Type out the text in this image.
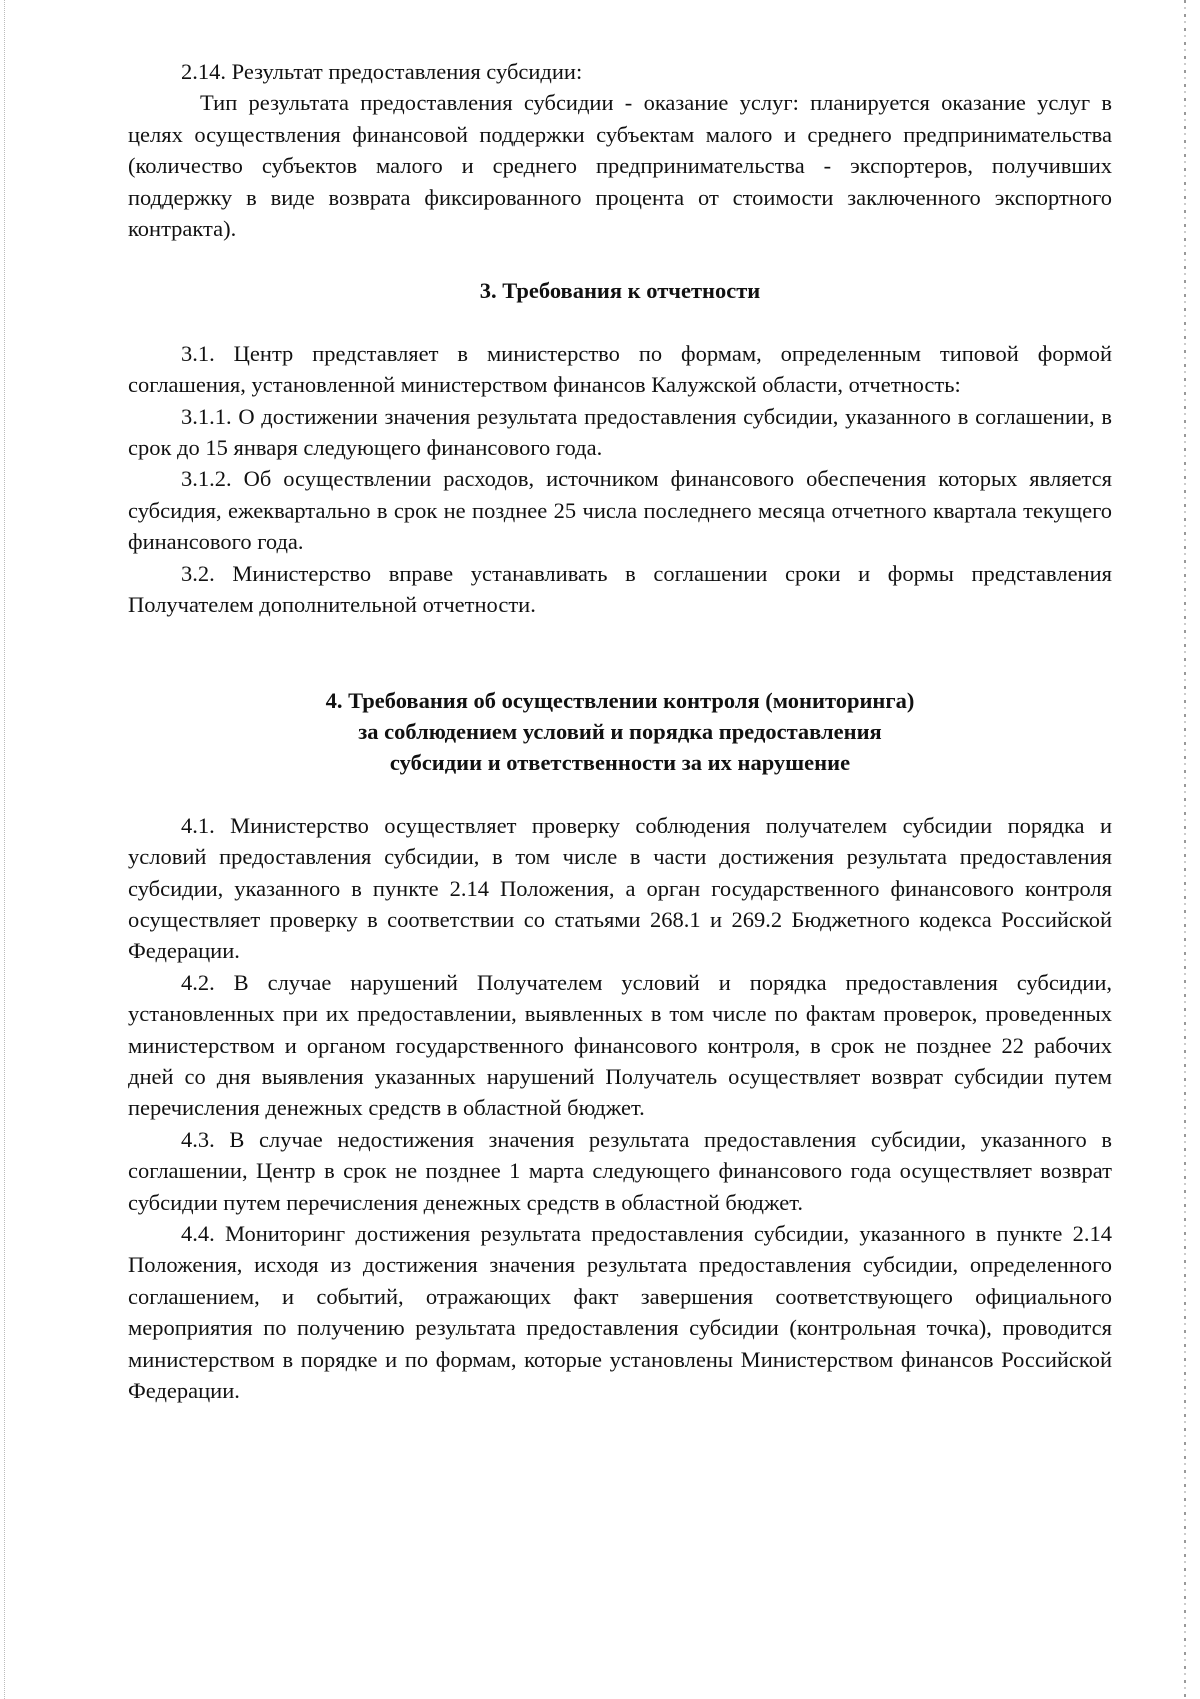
2.14. Результат предоставления субсидии:

Тип результата предоставления субсидии - оказание услуг: планируется оказание услуг в целях осуществления финансовой поддержки субъектам малого и среднего предпринимательства (количество субъектов малого и среднего предпринимательства - экспортеров, получивших поддержку в виде возврата фиксированного процента от стоимости заключенного экспортного контракта).

3. Требования к отчетности

3.1. Центр представляет в министерство по формам, определенным типовой формой соглашения, установленной министерством финансов Калужской области, отчетность:

3.1.1. О достижении значения результата предоставления субсидии, указанного в соглашении, в срок до 15 января следующего финансового года.

3.1.2. Об осуществлении расходов, источником финансового обеспечения которых является субсидия, ежеквартально в срок не позднее 25 числа последнего месяца отчетного квартала текущего финансового года.

3.2. Министерство вправе устанавливать в соглашении сроки и формы представления Получателем дополнительной отчетности.

4. Требования об осуществлении контроля (мониторинга)
за соблюдением условий и порядка предоставления
субсидии и ответственности за их нарушение

4.1. Министерство осуществляет проверку соблюдения получателем субсидии порядка и условий предоставления субсидии, в том числе в части достижения результата предоставления субсидии, указанного в пункте 2.14 Положения, а орган государственного финансового контроля осуществляет проверку в соответствии со статьями 268.1 и 269.2 Бюджетного кодекса Российской Федерации.

4.2. В случае нарушений Получателем условий и порядка предоставления субсидии, установленных при их предоставлении, выявленных в том числе по фактам проверок, проведенных министерством и органом государственного финансового контроля, в срок не позднее 22 рабочих дней со дня выявления указанных нарушений Получатель осуществляет возврат субсидии путем перечисления денежных средств в областной бюджет.

4.3. В случае недостижения значения результата предоставления субсидии, указанного в соглашении, Центр в срок не позднее 1 марта следующего финансового года осуществляет возврат субсидии путем перечисления денежных средств в областной бюджет.

4.4. Мониторинг достижения результата предоставления субсидии, указанного в пункте 2.14 Положения, исходя из достижения значения результата предоставления субсидии, определенного соглашением, и событий, отражающих факт завершения соответствующего официального мероприятия по получению результата предоставления субсидии (контрольная точка), проводится министерством в порядке и по формам, которые установлены Министерством финансов Российской Федерации.
